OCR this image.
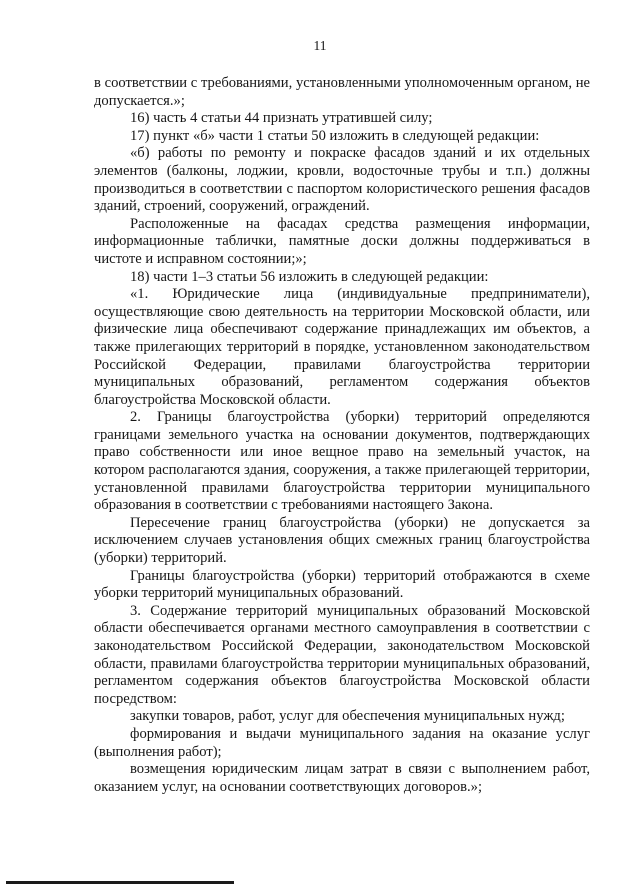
11

в соответствии с требованиями, установленными уполномоченным органом, не допускается.»;

16) часть 4 статьи 44 признать утратившей силу;

17) пункт «б» части 1 статьи 50 изложить в следующей редакции:

«б) работы по ремонту и покраске фасадов зданий и их отдельных элементов (балконы, лоджии, кровли, водосточные трубы и т.п.) должны производиться в соответствии с паспортом колористического решения фасадов зданий, строений, сооружений, ограждений.

Расположенные на фасадах средства размещения информации, информационные таблички, памятные доски должны поддерживаться в чистоте и исправном состоянии;»;

18) части 1–3 статьи 56 изложить в следующей редакции:

«1. Юридические лица (индивидуальные предприниматели), осуществляющие свою деятельность на территории Московской области, или физические лица обеспечивают содержание принадлежащих им объектов, а также прилегающих территорий в порядке, установленном законодательством Российской Федерации, правилами благоустройства территории муниципальных образований, регламентом содержания объектов благоустройства Московской области.

2. Границы благоустройства (уборки) территорий определяются границами земельного участка на основании документов, подтверждающих право собственности или иное вещное право на земельный участок, на котором располагаются здания, сооружения, а также прилегающей территории, установленной правилами благоустройства территории муниципального образования в соответствии с требованиями настоящего Закона.

Пересечение границ благоустройства (уборки) не допускается за исключением случаев установления общих смежных границ благоустройства (уборки) территорий.

Границы благоустройства (уборки) территорий отображаются в схеме уборки территорий муниципальных образований.

3. Содержание территорий муниципальных образований Московской области обеспечивается органами местного самоуправления в соответствии с законодательством Российской Федерации, законодательством Московской области, правилами благоустройства территории муниципальных образований, регламентом содержания объектов благоустройства Московской области посредством:

закупки товаров, работ, услуг для обеспечения муниципальных нужд;

формирования и выдачи муниципального задания на оказание услуг (выполнения работ);

возмещения юридическим лицам затрат в связи с выполнением работ, оказанием услуг, на основании соответствующих договоров.»;
